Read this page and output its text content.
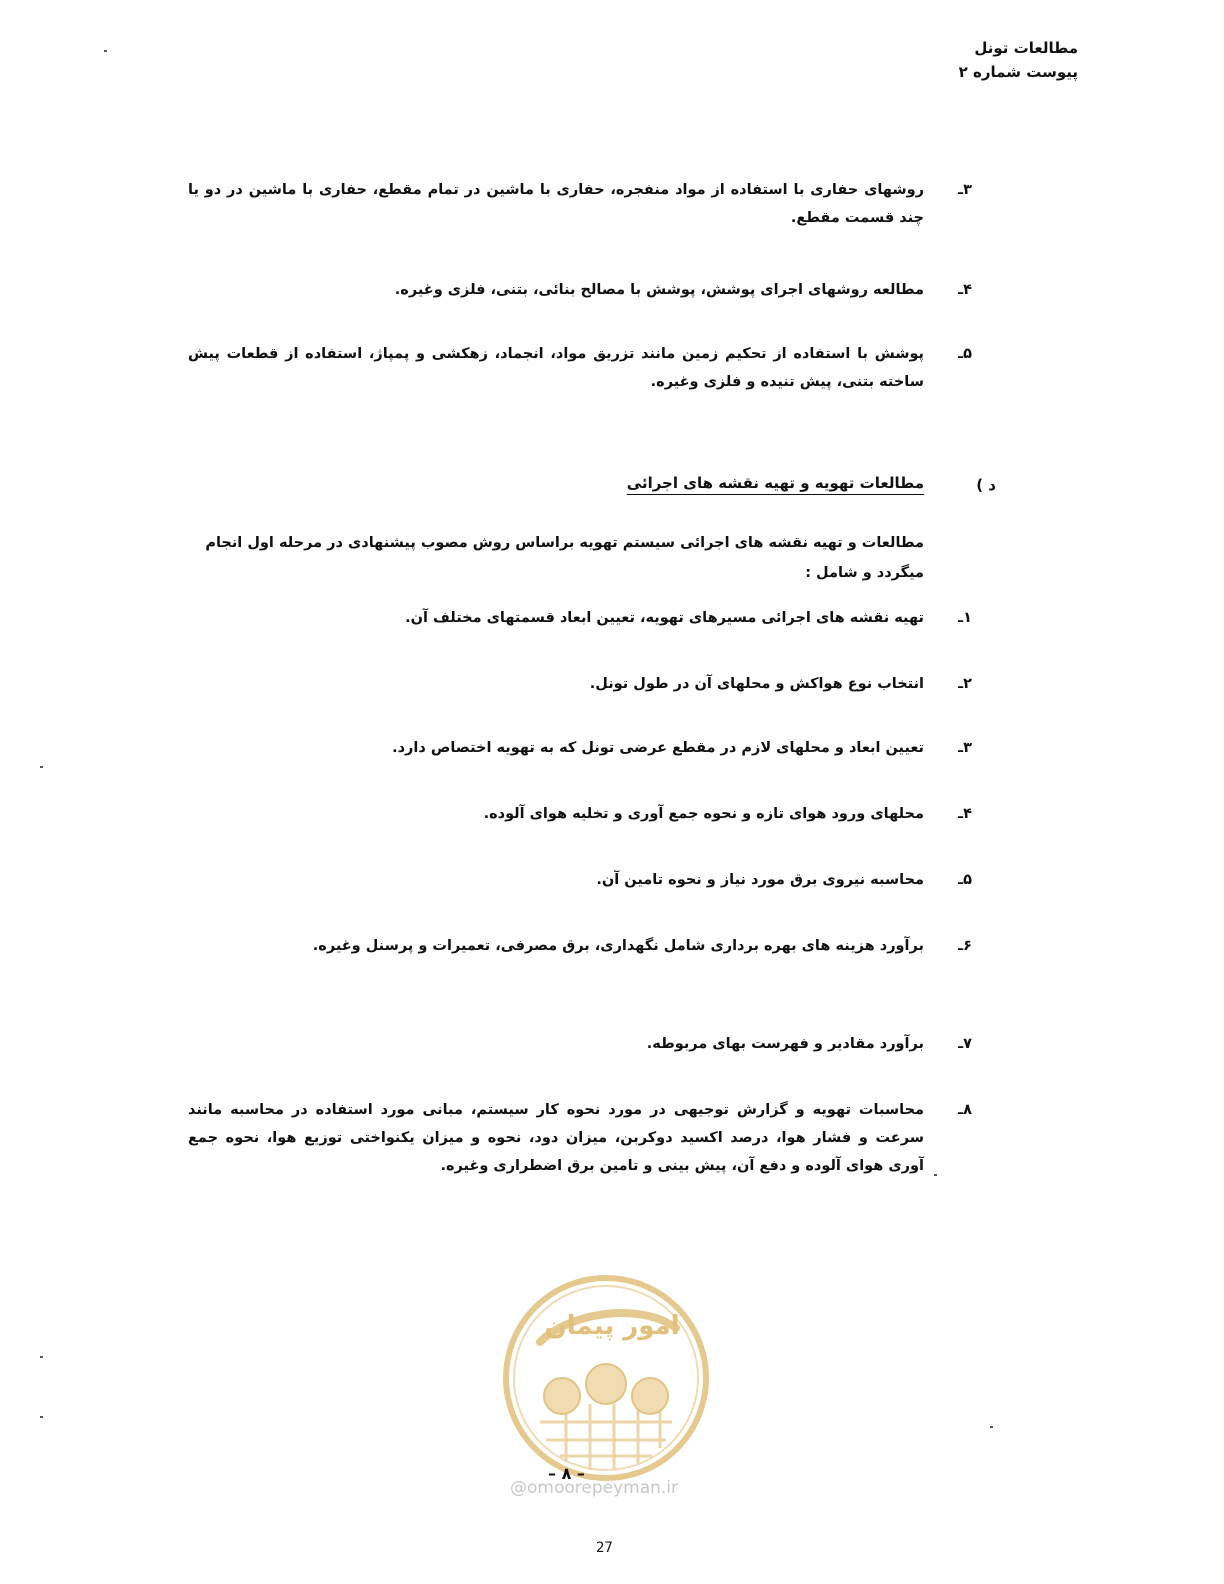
مطالعات تونل
پیوست شماره ۲
۳ـ
روشهای حفاری با استفاده از مواد منفجره، حفاری با ماشین در تمام مقطع، حفاری با ماشین در دو یا چند قسمت مقطع.
۴ـ
مطالعه روشهای اجرای پوشش، پوشش با مصالح بنائی، بتنی، فلزی وغیره.
۵ـ
پوشش با استفاده از تحکیم زمین مانند تزریق مواد، انجماد، زهکشی و پمپاژ، استفاده از قطعات پیش ساخته بتنی، پیش تنیده و فلزی وغیره.
د )
مطالعات تهویه و تهیه نقشه های اجرائی
مطالعات و تهیه نقشه های اجرائی سیستم تهویه براساس روش مصوب پیشنهادی در مرحله اول انجام میگردد و شامل :
۱ـ
تهیه نقشه های اجرائی مسیرهای تهویه، تعیین ابعاد قسمتهای مختلف آن.
۲ـ
انتخاب نوع هواکش و محلهای آن در طول تونل.
۳ـ
تعیین ابعاد و محلهای لازم در مقطع عرضی تونل که به تهویه اختصاص دارد.
۴ـ
محلهای ورود هوای تازه و نحوه جمع آوری و تخلیه هوای آلوده.
۵ـ
محاسبه نیروی برق مورد نیاز و نحوه تامین آن.
۶ـ
برآورد هزینه های بهره برداری شامل نگهداری، برق مصرفی، تعمیرات و پرسنل وغیره.
۷ـ
برآورد مقادیر و فهرست بهای مربوطه.
۸ـ
محاسبات تهویه و گزارش توجیهی در مورد نحوه کار سیستم، مبانی مورد استفاده در محاسبه مانند سرعت و فشار هوا، درصد اکسید دوکربن، میزان دود، نحوه و میزان یکنواختی توزیع هوا، نحوه جمع آوری هوای آلوده و دفع آن، پیش بینی و تامین برق اضطراری وغیره.
امور پیمان
– ٨ –
@omoorepeyman.ir
27
